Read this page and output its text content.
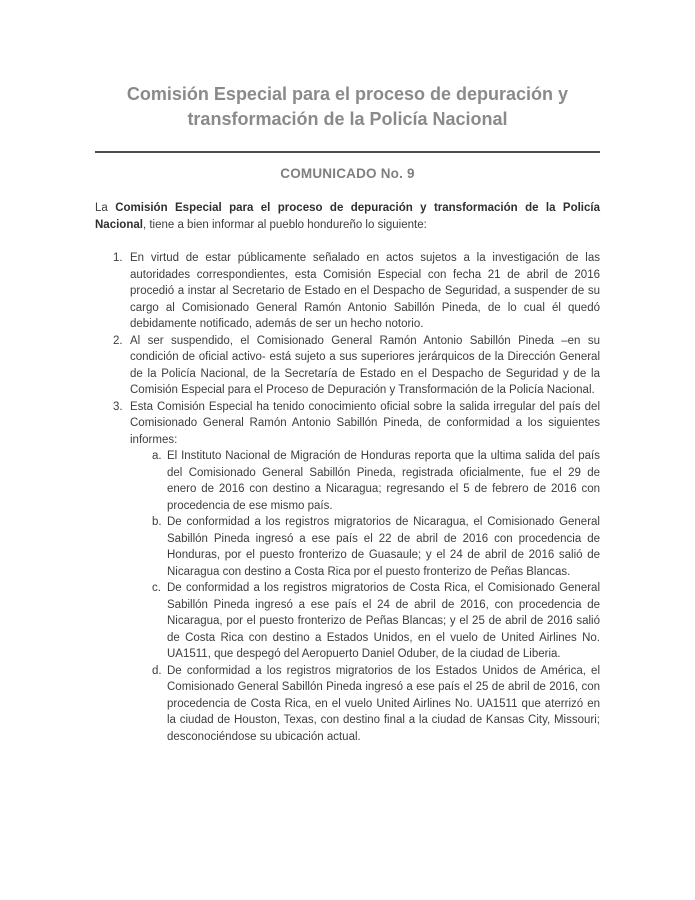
Comisión Especial para el proceso de depuración y
transformación de la Policía Nacional
COMUNICADO No. 9

La Comisión Especial para el proceso de depuración y transformación de la Policía Nacional, tiene a bien informar al pueblo hondureño lo siguiente:

1. En virtud de estar públicamente señalado en actos sujetos a la investigación de las autoridades correspondientes, esta Comisión Especial con fecha 21 de abril de 2016 procedió a instar al Secretario de Estado en el Despacho de Seguridad, a suspender de su cargo al Comisionado General Ramón Antonio Sabillón Pineda, de lo cual él quedó debidamente notificado, además de ser un hecho notorio.
2. Al ser suspendido, el Comisionado General Ramón Antonio Sabillón Pineda –en su condición de oficial activo- está sujeto a sus superiores jerárquicos de la Dirección General de la Policía Nacional, de la Secretaría de Estado en el Despacho de Seguridad y de la Comisión Especial para el Proceso de Depuración y Transformación de la Policía Nacional.
3. Esta Comisión Especial ha tenido conocimiento oficial sobre la salida irregular del país del Comisionado General Ramón Antonio Sabillón Pineda, de conformidad a los siguientes informes:
a. El Instituto Nacional de Migración de Honduras reporta que la ultima salida del país del Comisionado General Sabillón Pineda, registrada oficialmente, fue el 29 de enero de 2016 con destino a Nicaragua; regresando el 5 de febrero de 2016 con procedencia de ese mismo país.
b. De conformidad a los registros migratorios de Nicaragua, el Comisionado General Sabillón Pineda ingresó a ese país el 22 de abril de 2016 con procedencia de Honduras, por el puesto fronterizo de Guasaule; y el 24 de abril de 2016 salió de Nicaragua con destino a Costa Rica por el puesto fronterizo de Peñas Blancas.
c. De conformidad a los registros migratorios de Costa Rica, el Comisionado General Sabillón Pineda ingresó a ese país el 24 de abril de 2016, con procedencia de Nicaragua, por el puesto fronterizo de Peñas Blancas; y el 25 de abril de 2016 salió de Costa Rica con destino a Estados Unidos, en el vuelo de United Airlines No. UA1511, que despegó del Aeropuerto Daniel Oduber, de la ciudad de Liberia.
d. De conformidad a los registros migratorios de los Estados Unidos de América, el Comisionado General Sabillón Pineda ingresó a ese país el 25 de abril de 2016, con procedencia de Costa Rica, en el vuelo United Airlines No. UA1511 que aterrizó en la ciudad de Houston, Texas, con destino final a la ciudad de Kansas City, Missouri; desconociéndose su ubicación actual.
